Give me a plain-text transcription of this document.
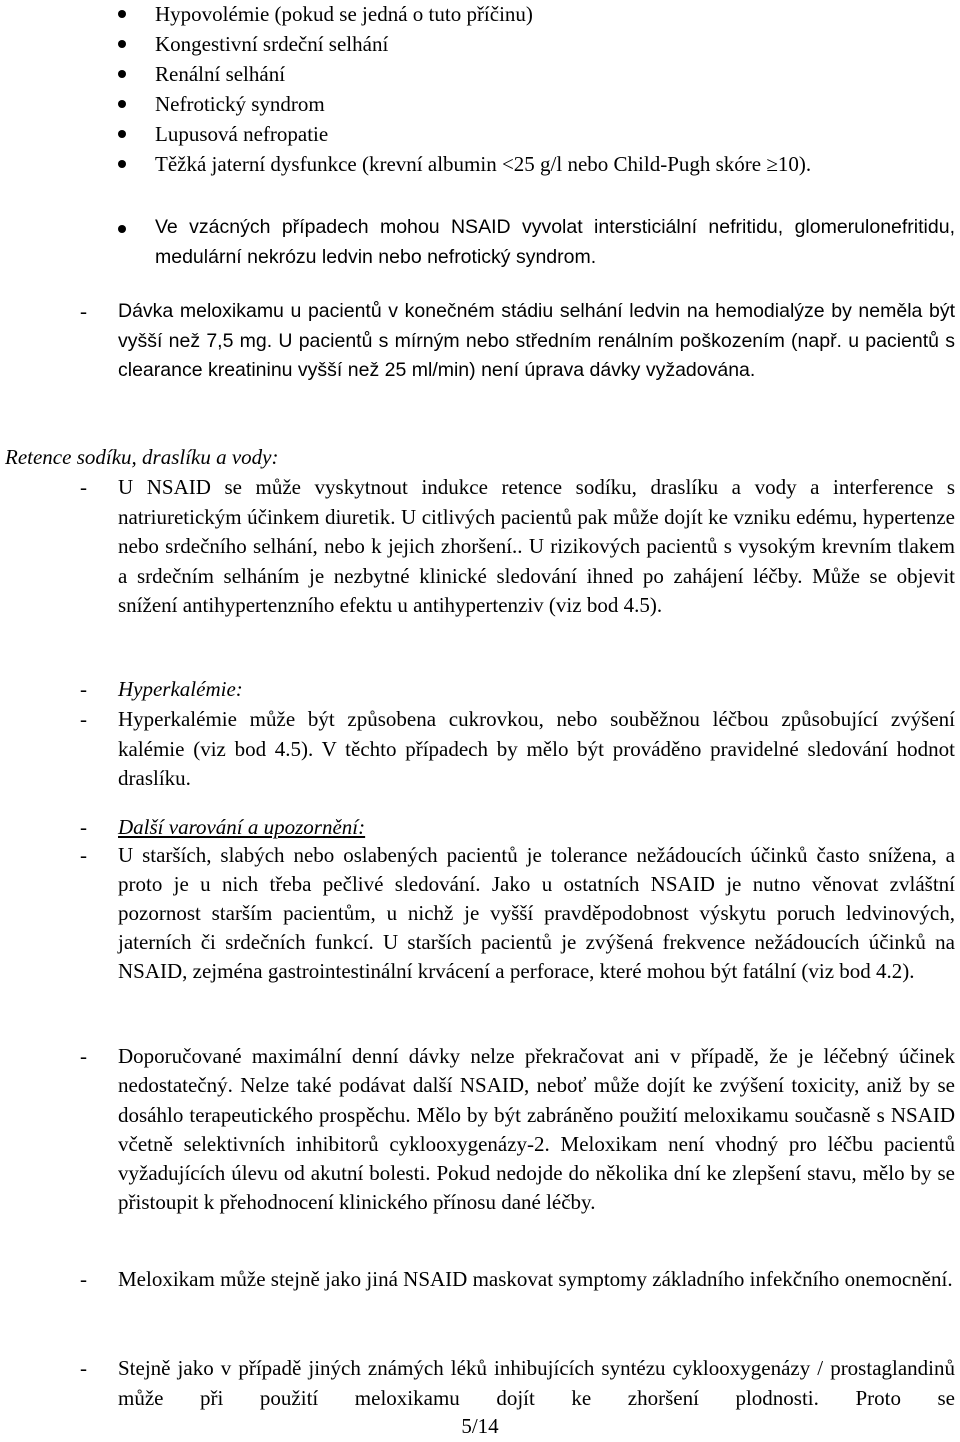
Hypovolémie (pokud se jedná o tuto příčinu)
Kongestivní srdeční selhání
Renální selhání
Nefrotický syndrom
Lupusová nefropatie
Těžká jaterní dysfunkce (krevní albumin <25 g/l nebo Child-Pugh skóre ≥10).
Ve vzácných případech mohou NSAID vyvolat intersticiální nefritidu, glomerulonefritidu, medulární nekrózu ledvin nebo nefrotický syndrom.
- Dávka meloxikamu u pacientů v konečném stádiu selhání ledvin na hemodialýze by neměla být vyšší než 7,5 mg. U pacientů s mírným nebo středním renálním poškozením (např. u pacientů s clearance kreatininu vyšší než 25 ml/min) není úprava dávky vyžadována.
Retence sodíku, draslíku a vody:
- U NSAID se může vyskytnout indukce retence sodíku, draslíku a vody a interference s natriuretickým účinkem diuretik. U citlivých pacientů pak může dojít ke vzniku edému, hypertenze nebo srdečního selhání, nebo k jejich zhoršení.. U rizikových pacientů s vysokým krevním tlakem a srdečním selháním je nezbytné klinické sledování ihned po zahájení léčby. Může se objevit snížení antihypertenzního efektu u antihypertenziv (viz bod 4.5).
- Hyperkalémie:
- Hyperkalémie může být způsobena cukrovkou, nebo souběžnou léčbou způsobující zvýšení kalémie (viz bod 4.5). V těchto případech by mělo být prováděno pravidelné sledování hodnot draslíku.
- Další varování a upozornění:
- U starších, slabých nebo oslabených pacientů je tolerance nežádoucích účinků často snížena, a proto je u nich třeba pečlivé sledování. Jako u ostatních NSAID je nutno věnovat zvláštní pozornost starším pacientům, u nichž je vyšší pravděpodobnost výskytu poruch ledvinových, jaterních či srdečních funkcí. U starších pacientů je zvýšená frekvence nežádoucích účinků na NSAID, zejména gastrointestinální krvácení a perforace, které mohou být fatální (viz bod 4.2).
- Doporučované maximální denní dávky nelze překračovat ani v případě, že je léčebný účinek nedostatečný. Nelze také podávat další NSAID, neboť může dojít ke zvýšení toxicity, aniž by se dosáhlo terapeutického prospěchu. Mělo by být zabráněno použití meloxikamu současně s NSAID včetně selektivních inhibitorů cyklooxygenázy-2. Meloxikam není vhodný pro léčbu pacientů vyžadujících úlevu od akutní bolesti. Pokud nedojde do několika dní ke zlepšení stavu, mělo by se přistoupit k přehodnocení klinického přínosu dané léčby.
- Meloxikam může stejně jako jiná NSAID maskovat symptomy základního infekčního onemocnění.
- Stejně jako v případě jiných známých léků inhibujících syntézu cyklooxygenázy / prostaglandinů může při použití meloxikamu dojít ke zhoršení plodnosti. Proto se
5/14
